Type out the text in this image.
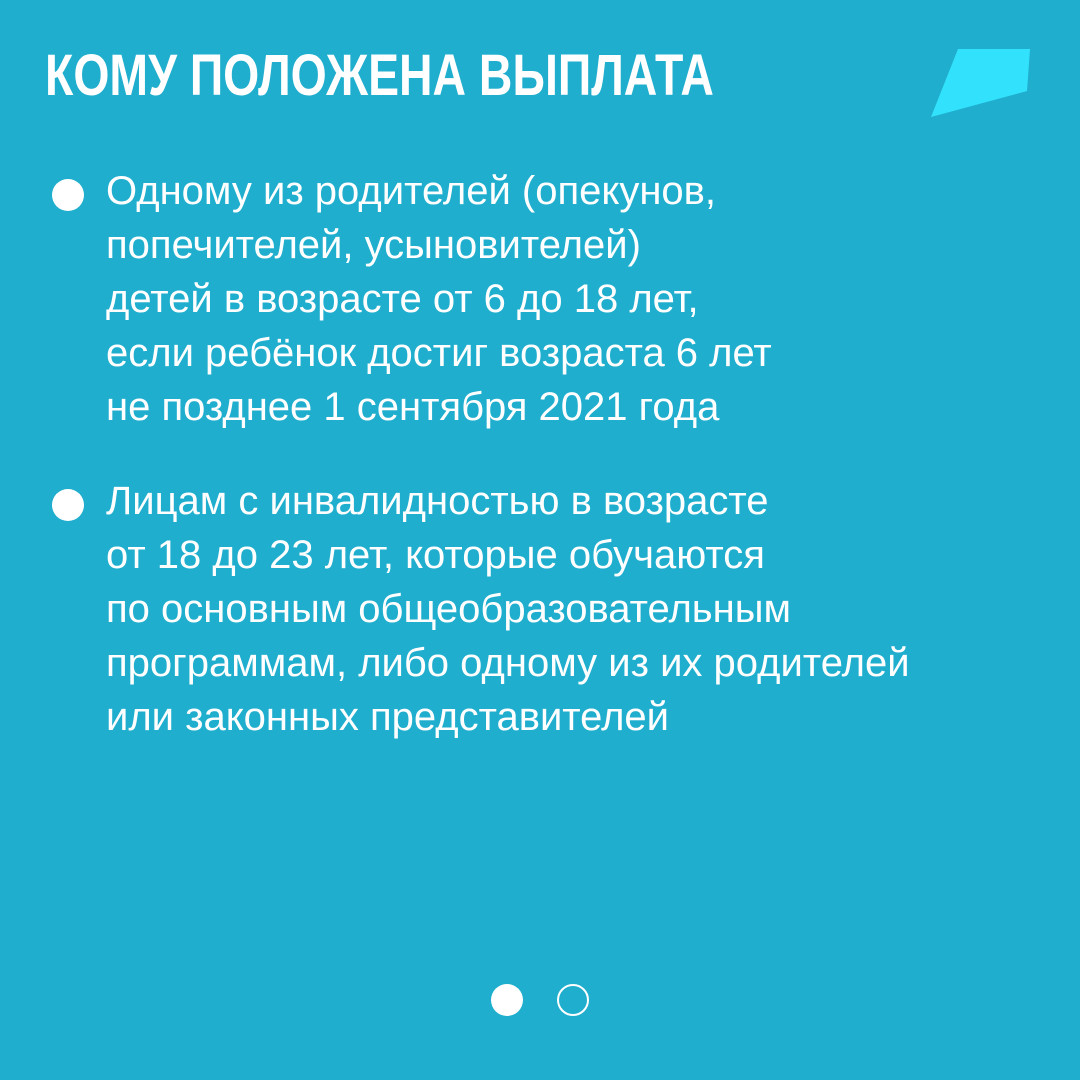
КОМУ ПОЛОЖЕНА ВЫПЛАТА
Одному из родителей (опекунов,
попечителей, усыновителей)
детей в возрасте от 6 до 18 лет,
если ребёнок достиг возраста 6 лет
не позднее 1 сентября 2021 года
Лицам с инвалидностью в возрасте
от 18 до 23 лет, которые обучаются
по основным общеобразовательным
программам, либо одному из их родителей
или законных представителей
